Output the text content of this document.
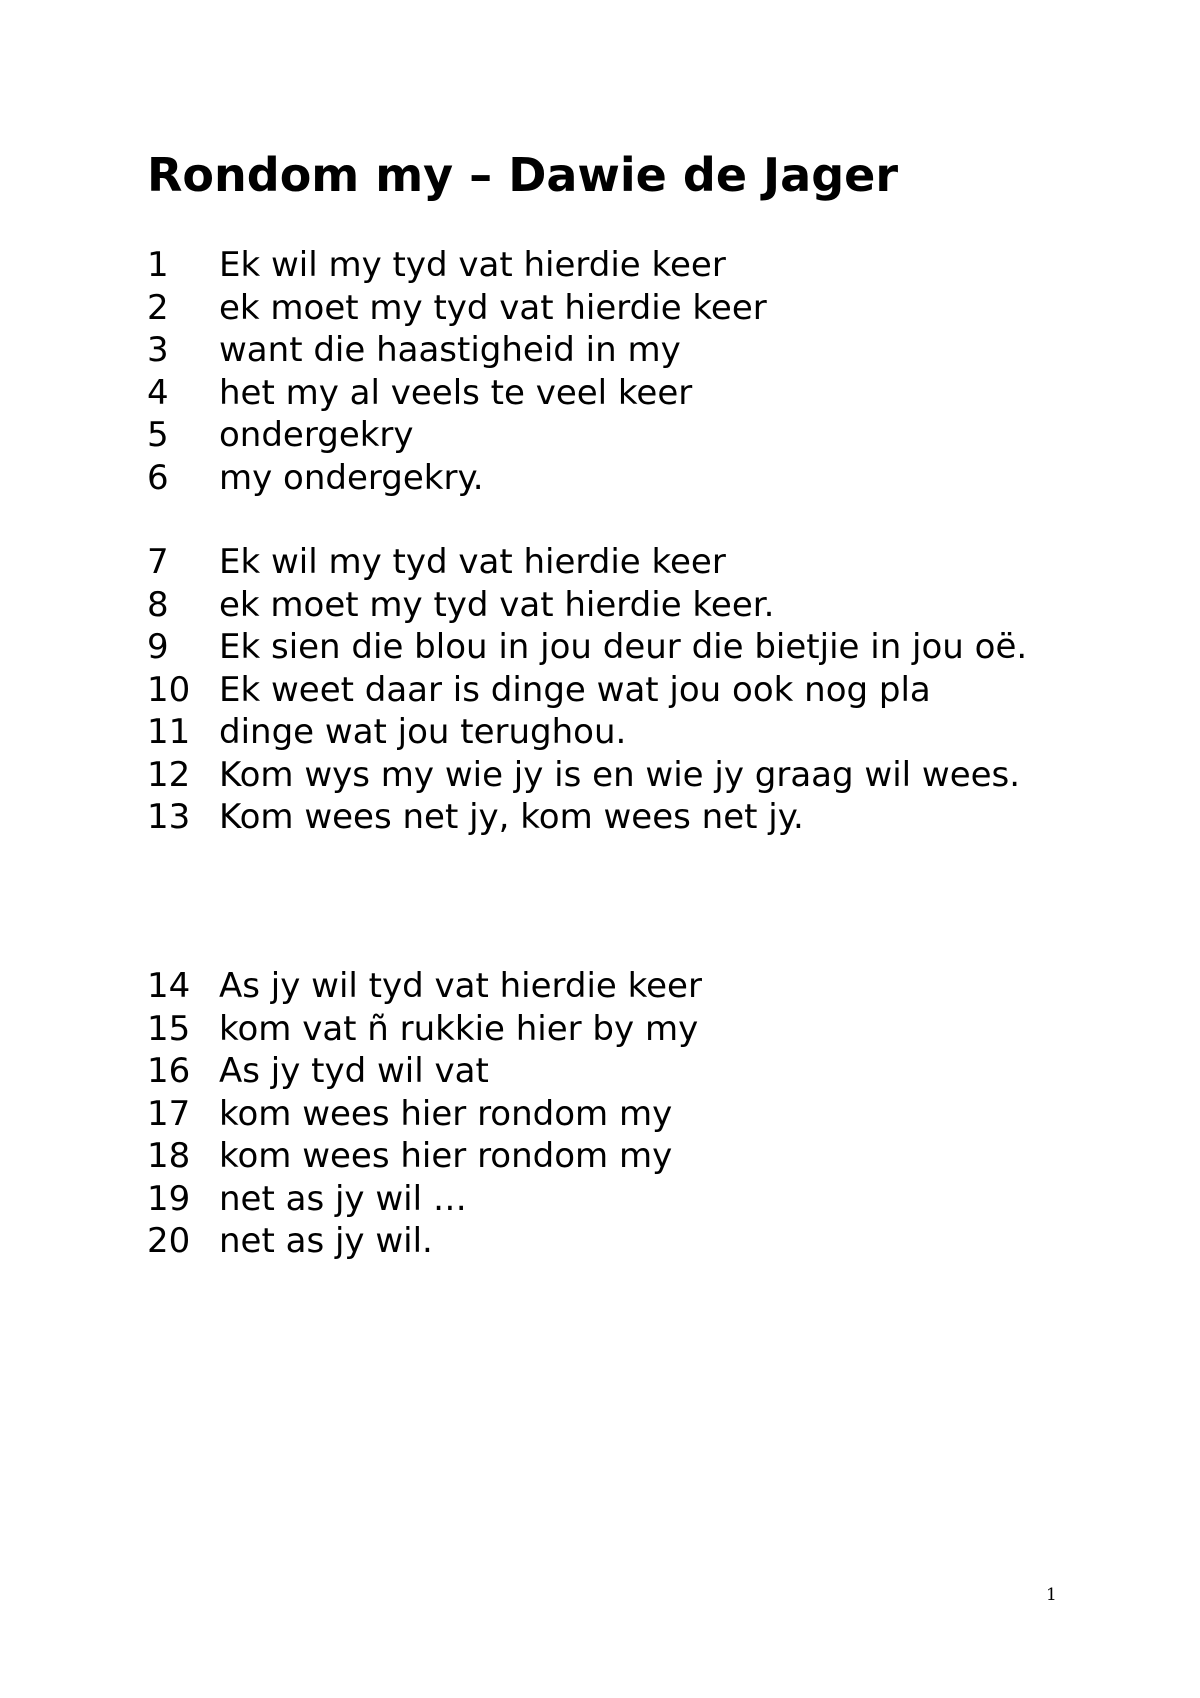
Rondom my – Dawie de Jager
1 Ek wil my tyd vat hierdie keer
2 ek moet my tyd vat hierdie keer
3 want die haastigheid in my
4 het my al veels te veel keer
5 ondergekry
6 my ondergekry.
7 Ek wil my tyd vat hierdie keer
8 ek moet my tyd vat hierdie keer.
9 Ek sien die blou in jou deur die bietjie in jou oë.
10 Ek weet daar is dinge wat jou ook nog pla
11 dinge wat jou terughou.
12 Kom wys my wie jy is en wie jy graag wil wees.
13 Kom wees net jy, kom wees net jy.
14 As jy wil tyd vat hierdie keer
15 kom vat ñ rukkie hier by my
16 As jy tyd wil vat
17 kom wees hier rondom my
18 kom wees hier rondom my
19 net as jy wil …
20 net as jy wil.
1
